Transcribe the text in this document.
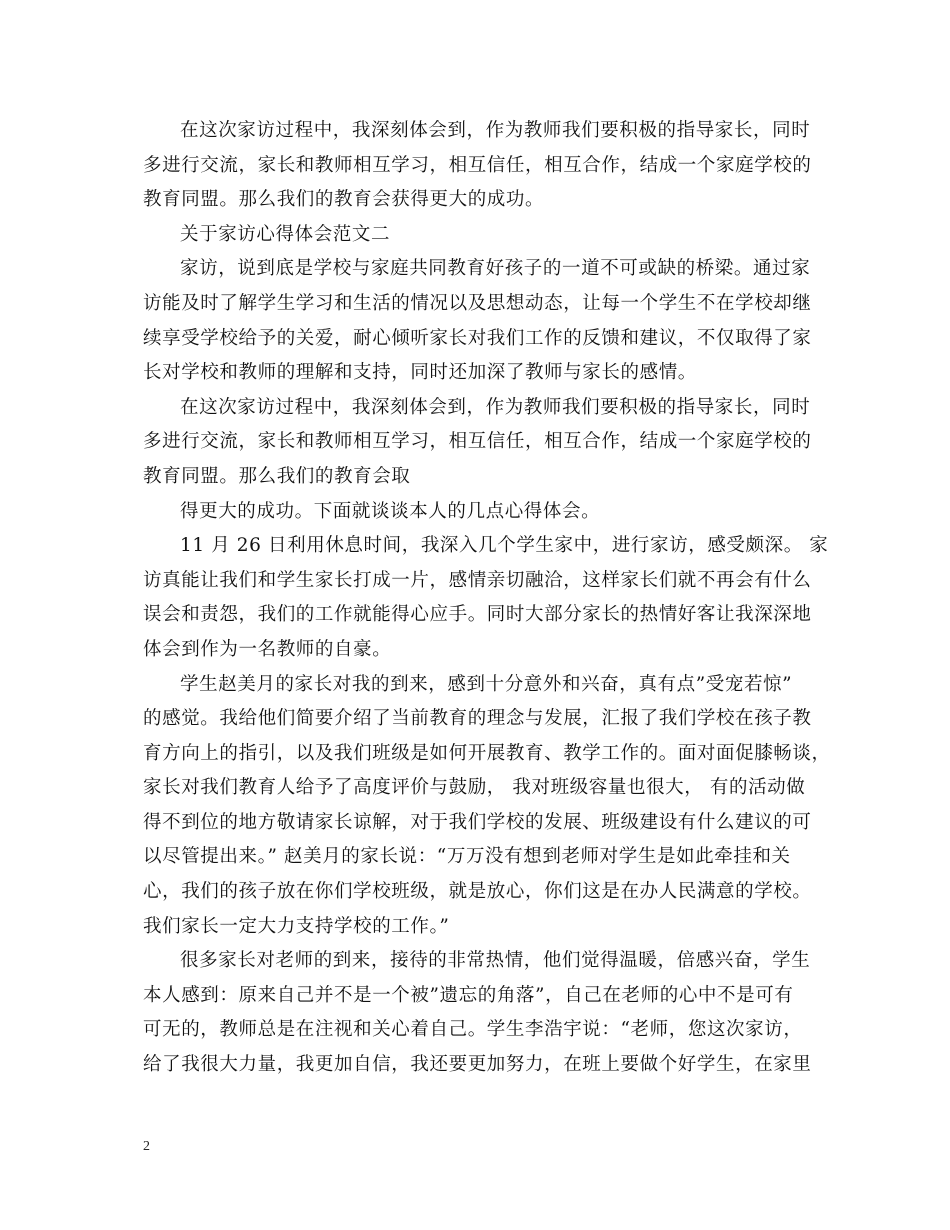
在这次家访过程中，我深刻体会到，作为教师我们要积极的指导家长，同时
多进行交流，家长和教师相互学习，相互信任，相互合作，结成一个家庭学校的
教育同盟。那么我们的教育会获得更大的成功。
关于家访心得体会范文二
家访，说到底是学校与家庭共同教育好孩子的一道不可或缺的桥梁。通过家
访能及时了解学生学习和生活的情况以及思想动态，让每一个学生不在学校却继
续享受学校给予的关爱，耐心倾听家长对我们工作的反馈和建议，不仅取得了家
长对学校和教师的理解和支持，同时还加深了教师与家长的感情。
在这次家访过程中，我深刻体会到，作为教师我们要积极的指导家长，同时
多进行交流，家长和教师相互学习，相互信任，相互合作，结成一个家庭学校的
教育同盟。那么我们的教育会取
得更大的成功。下面就谈谈本人的几点心得体会。
11 月 26 日利用休息时间，我深入几个学生家中，进行家访，感受颇深。 家
访真能让我们和学生家长打成一片，感情亲切融洽，这样家长们就不再会有什么
误会和责怨，我们的工作就能得心应手。同时大部分家长的热情好客让我深深地
体会到作为一名教师的自豪。
学生赵美月的家长对我的到来，感到十分意外和兴奋，真有点”受宠若惊”
的感觉。我给他们简要介绍了当前教育的理念与发展，汇报了我们学校在孩子教
育方向上的指引，以及我们班级是如何开展教育、教学工作的。面对面促膝畅谈，
家长对我们教育人给予了高度评价与鼓励， 我对班级容量也很大， 有的活动做
得不到位的地方敬请家长谅解，对于我们学校的发展、班级建设有什么建议的可
以尽管提出来。” 赵美月的家长说：“万万没有想到老师对学生是如此牵挂和关
心，我们的孩子放在你们学校班级，就是放心，你们这是在办人民满意的学校。
我们家长一定大力支持学校的工作。”
很多家长对老师的到来，接待的非常热情，他们觉得温暖，倍感兴奋，学生
本人感到：原来自己并不是一个被”遗忘的角落”，自己在老师的心中不是可有
可无的，教师总是在注视和关心着自己。学生李浩宇说：“老师，您这次家访，
给了我很大力量，我更加自信，我还要更加努力，在班上要做个好学生，在家里
2
